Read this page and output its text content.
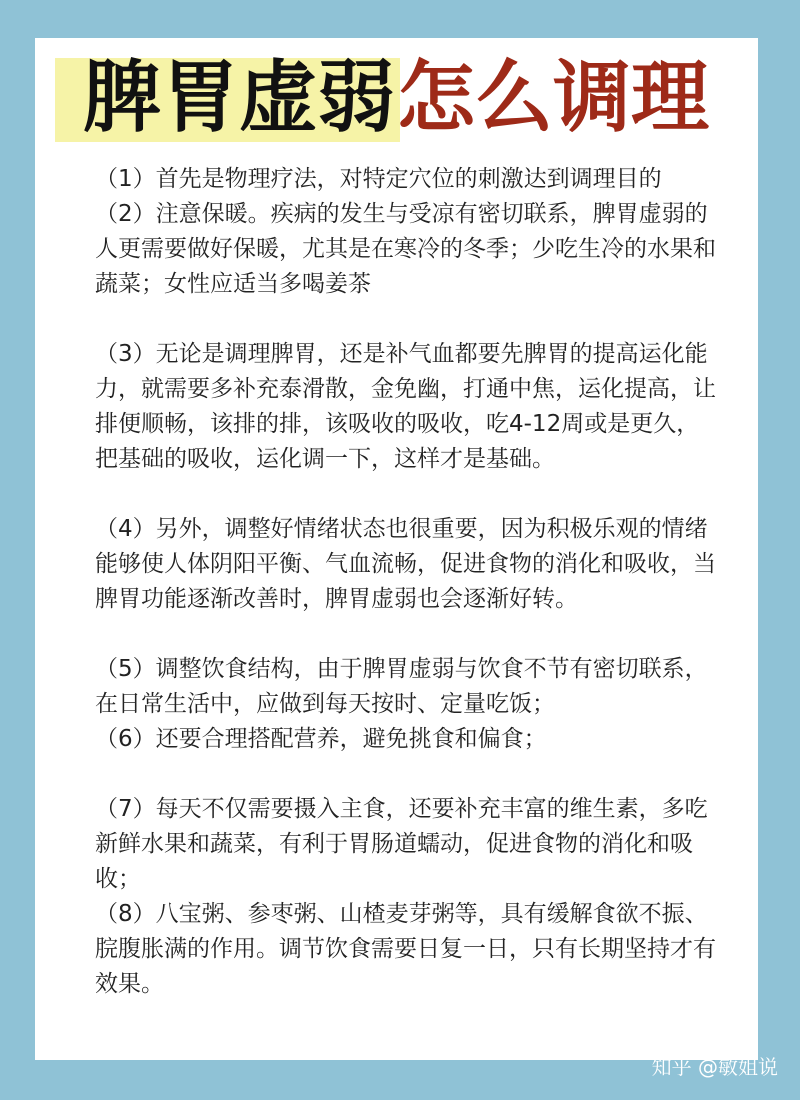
脾胃虚弱 怎么调理

（1）首先是物理疗法，对特定穴位的刺激达到调理目的

（2）注意保暖。疾病的发生与受凉有密切联系，脾胃虚弱的人更需要做好保暖，尤其是在寒冷的冬季；少吃生冷的水果和蔬菜；女性应适当多喝姜茶

（3）无论是调理脾胃，还是补气血都要先脾胃的提高运化能力，就需要多补充泰滑散，金免幽，打通中焦，运化提高，让排便顺畅，该排的排，该吸收的吸收，吃4-12周或是更久，把基础的吸收，运化调一下，这样才是基础。

（4）另外，调整好情绪状态也很重要，因为积极乐观的情绪能够使人体阴阳平衡、气血流畅，促进食物的消化和吸收，当脾胃功能逐渐改善时，脾胃虚弱也会逐渐好转。

（5）调整饮食结构，由于脾胃虚弱与饮食不节有密切联系，在日常生活中，应做到每天按时、定量吃饭；

（6）还要合理搭配营养，避免挑食和偏食；

（7）每天不仅需要摄入主食，还要补充丰富的维生素，多吃新鲜水果和蔬菜，有利于胃肠道蠕动，促进食物的消化和吸收；

（8）八宝粥、参枣粥、山楂麦芽粥等，具有缓解食欲不振、脘腹胀满的作用。调节饮食需要日复一日，只有长期坚持才有效果。

知乎 @敏姐说
